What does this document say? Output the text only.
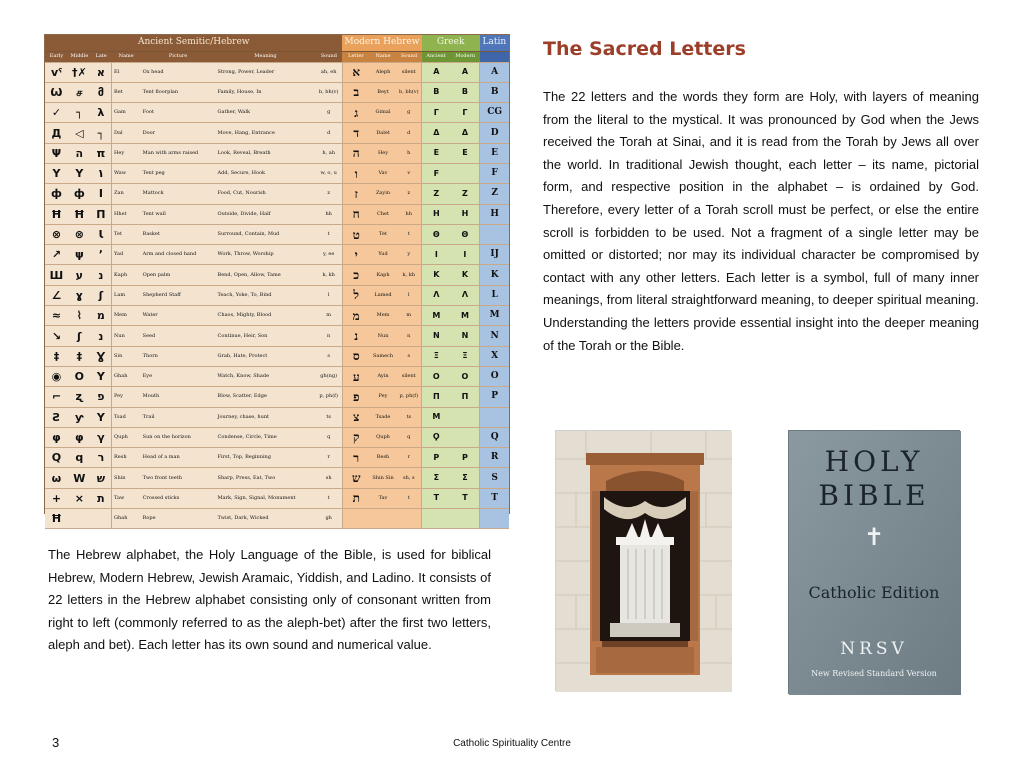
Ancient Semitic/Hebrew							Modern Hebrew			Greek		Latin
Early	Middle	Late	Name	Picture	Meaning	Sound	Letter	Name	Sound	Ancient	Modern	
vˤ	†✗	א	El	Ox head	Strong, Power, Leader	ah, eh	א	Aleph	silent	A	A	A
Ѡ	ச	მ	Bet	Tent floorplan	Family, House, In	b, bh(v)	ב	Beyt	b, bh(v)	B	B	B
✓	┐	λ	Gam	Foot	Gather, Walk	g	ג	Gimal	g	Γ	Γ	CG
Д	◁	┐	Dal	Door	Move, Hang, Entrance	d	ד	Dalet	d	Δ	Δ	D
Ψ	ה	π	Hey	Man with arms raised	Look, Reveal, Breath	h, ah	ה	Hey	h	E	E	E
Y	Y	١	Waw	Tent peg	Add, Secure, Hook	w, o, u	ו	Vav	v	F		F
ф	ф	I	Zan	Mattock	Food, Cut, Nourish	z	ז	Zayin	z	Z	Z	Z
Ħ	Ħ	П	Hhet	Tent wall	Outside, Divide, Half	hh	ח	Chet	hh	H	H	H
⊗	⊗	Ɩ	Tet	Basket	Surround, Contain, Mud	t	ט	Tet	t	Θ	Θ	
↗	ψ	ʼ	Yad	Arm and closed hand	Work, Throw, Worship	y, ee	י	Yud	y	I	I	IJ
Ш	ע	נ	Kaph	Open palm	Bend, Open, Allow, Tame	k, kh	כ	Kaph	k, kh	K	K	K
∠	ɣ	ʃ	Lam	Shepherd Staff	Teach, Yoke, To, Bind	l	ל	Lamed	l	Λ	Λ	L
≈	⌇	מ	Mem	Water	Chaos, Mighty, Blood	m	מ	Mem	m	M	M	M
↘	ʃ	נ	Nun	Seed	Continue, Heir, Son	n	נ	Nun	n	N	N	N
‡	‡	Ɣ	Sin	Thorn	Grab, Hate, Protect	s	ס	Samech	s	Ξ	Ξ	X
◉	O	Y	Ghah	Eye	Watch, Know, Shade	gh(ng)	ע	Ayin	silent	O	O	O
⌐	ʐ	פ	Pey	Mouth	Blow, Scatter, Edge	p, ph(f)	פ	Pey	p, ph(f)	Π	Π	P
Ƨ	ƴ	Y	Tsad	Trail	Journey, chase, hunt	ts	צ	Tsade	ts	M		
φ	φ	γ	Quph	Sun on the horizon	Condense, Circle, Time	q	ק	Quph	q	Ϙ		Q
Q	q	ר	Resh	Head of a man	First, Top, Beginning	r	ר	Resh	r	P	P	R
ω	W	ש	Shin	Two front teeth	Sharp, Press, Eat, Two	sh	ש	Shin Sin	sh, s	Σ	Σ	S
+	×	ת	Taw	Crossed sticks	Mark, Sign, Signal, Monument	t	ת	Tav	t	T	T	T
Ħ			Ghah	Rope	Twist, Dark, Wicked	gh						
The Sacred Letters

The 22 letters and the words they form are Holy, with layers of meaning from the literal to the mystical. It was pronounced by God when the Jews received the Torah at Sinai, and it is read from the Torah by Jews all over the world. In traditional Jewish thought, each letter – its name, pictorial form, and respective position in the alphabet – is ordained by God. Therefore, every letter of a Torah scroll must be perfect, or else the entire scroll is forbidden to be used. Not a fragment of a single letter may be omitted or distorted; nor may its individual character be compromised by contact with any other letters. Each letter is a symbol, full of many inner meanings, from literal straightforward meaning, to deeper spiritual meaning. Understanding the letters provide essential insight into the deeper meaning of the Torah or the Bible.

The Hebrew alphabet, the Holy Language of the Bible, is used for biblical Hebrew, Modern Hebrew, Jewish Aramaic, Yiddish, and Ladino. It consists of 22 letters in the Hebrew alphabet consisting only of consonant written from right to left (commonly referred to as the aleph-bet) after the first two letters, aleph and bet). Each letter has its own sound and numerical value.

HOLY
BIBLE
✝
Catholic Edition
NRSV
New Revised Standard Version
3	Catholic Spirituality Centre
